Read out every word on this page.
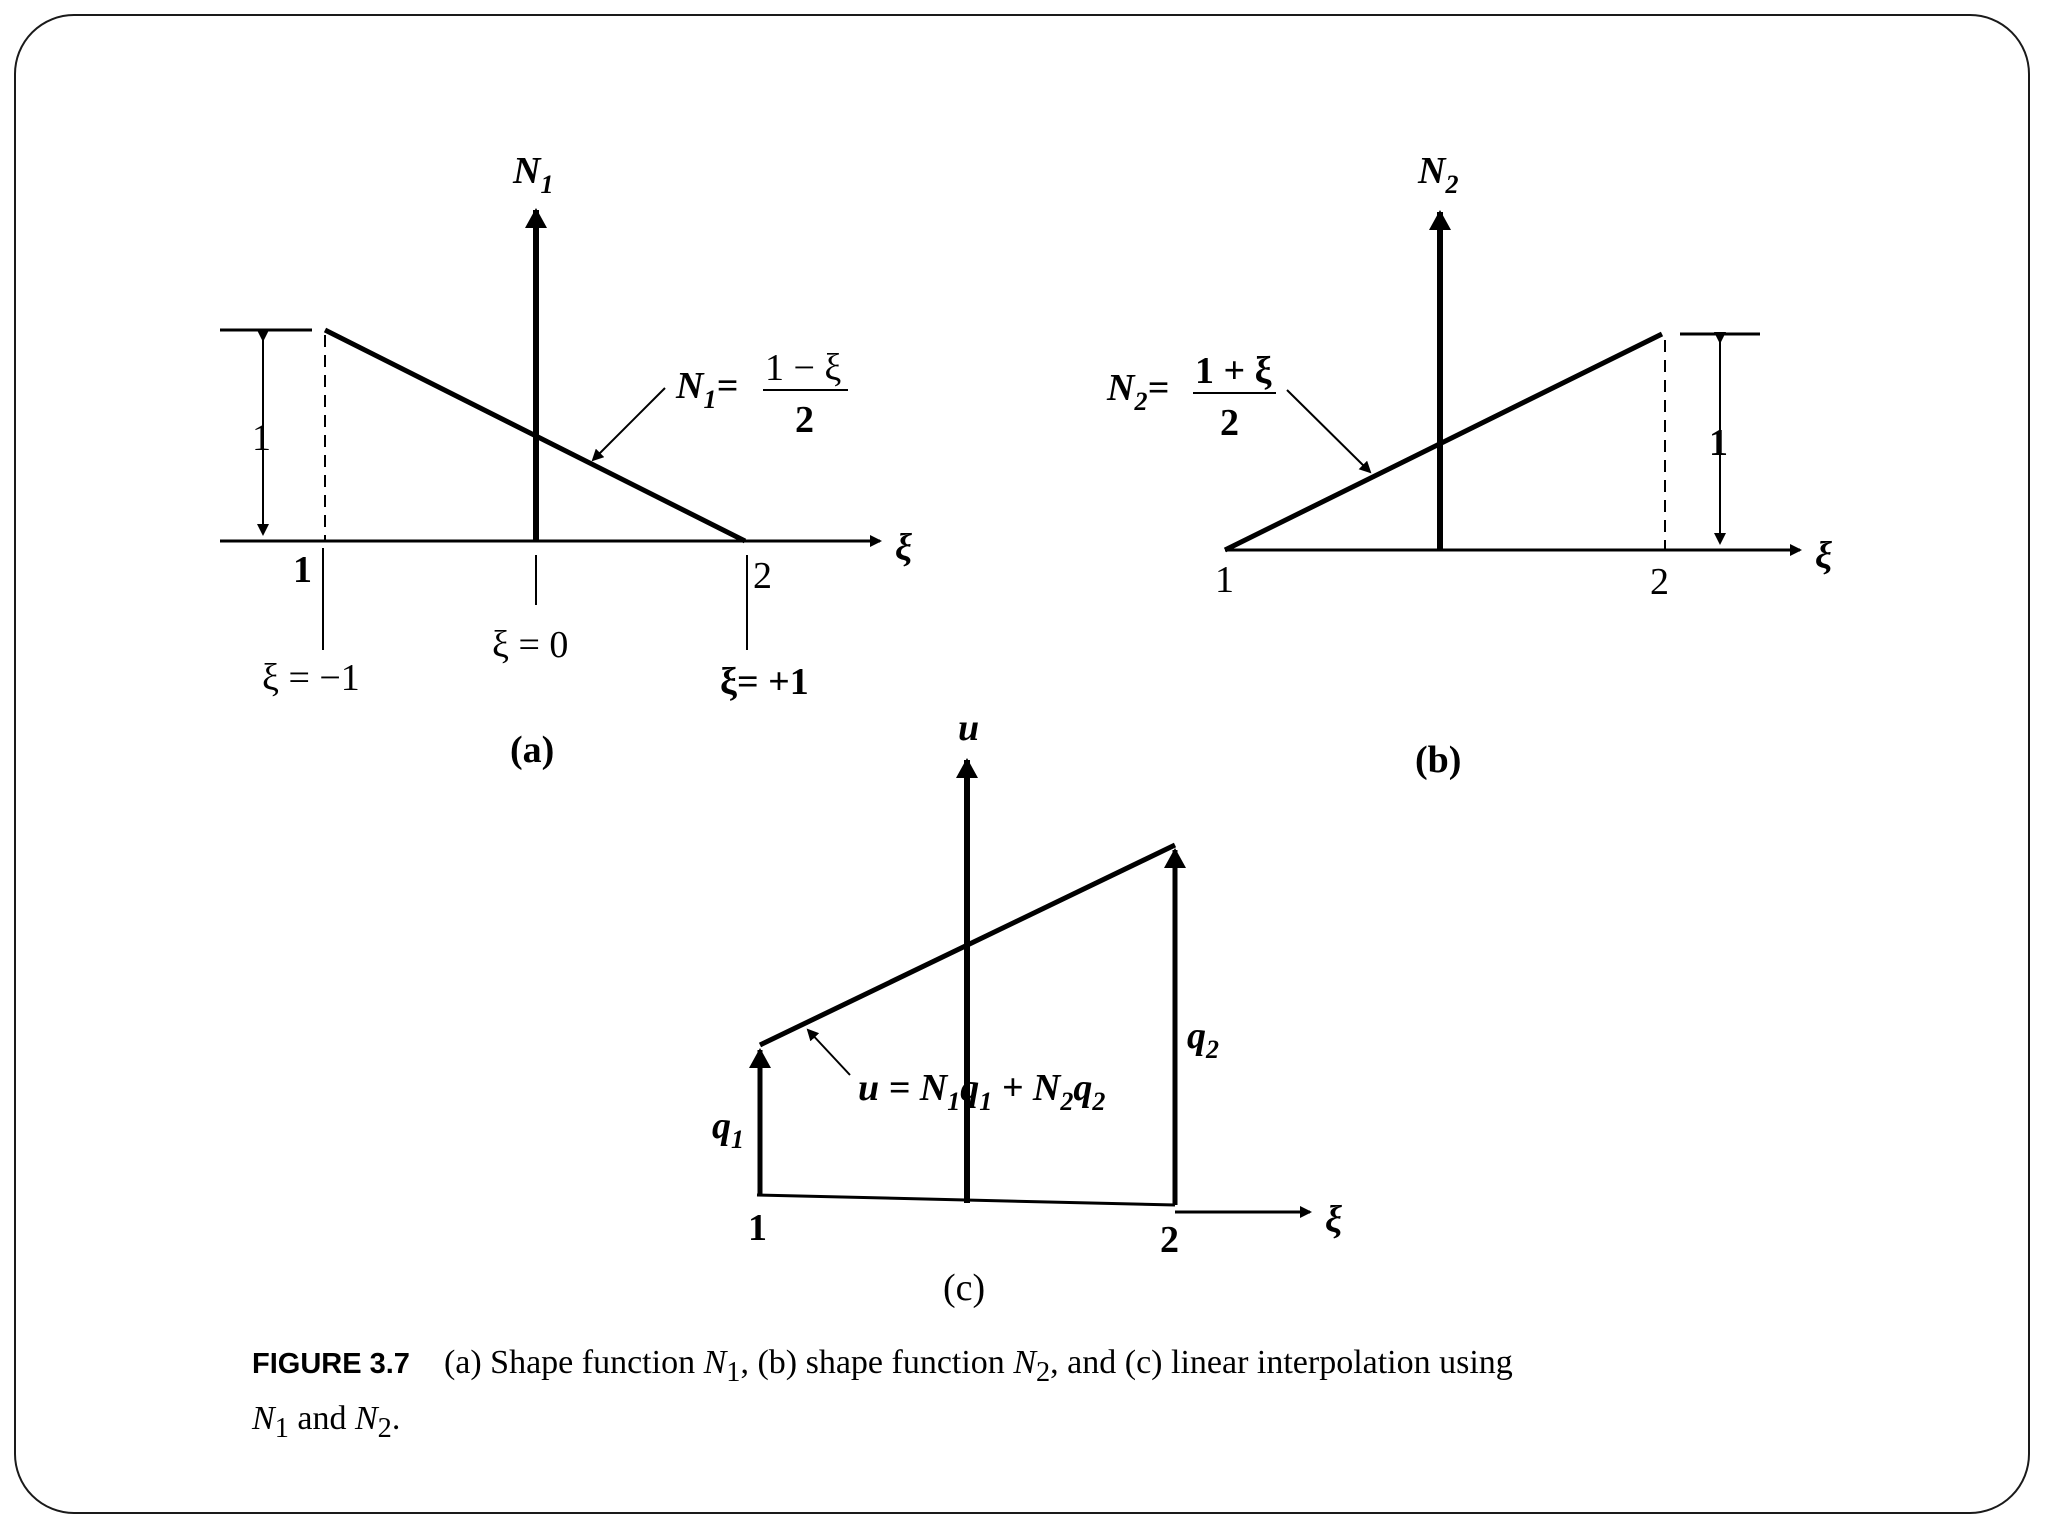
$N_1$
ξ
1
1	2
ξ = −1
ξ = 0
ξ= +1
$N_1= 1 - \xi$
2
(a)
$N_2$
ξ
1
1	2
$N_2= 1 + \xi$
2
(b)
u
ξ
$q_1$
$q_2$
1	2
$u = N_1q_1 + N_2q_2$
(c)
FIGURE 3.7 (a) Shape function $N_1$, (b) shape function $N_2$, and (c) linear interpolation using
$N_1$ and $N_2$.
